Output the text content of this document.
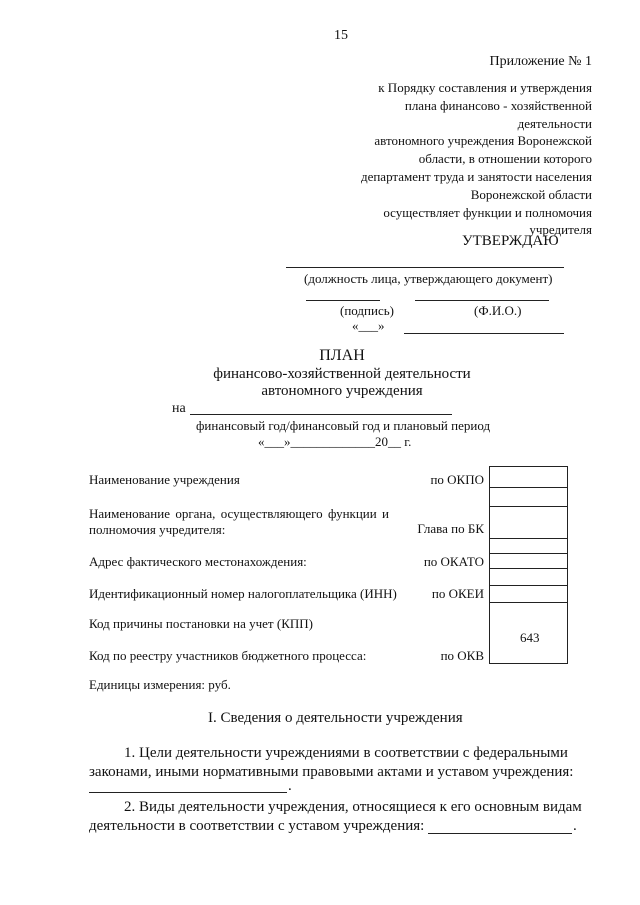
15
Приложение № 1
к Порядку составления и утверждения
плана финансово - хозяйственной
деятельности
автономного учреждения Воронежской
области, в отношении которого
департамент труда и занятости населения
Воронежской области
осуществляет функции и полномочия
учредителя
УТВЕРЖДАЮ
(должность лица, утверждающего документ)
(подпись)	(Ф.И.О.)
«___»
ПЛАН
финансово-хозяйственной деятельности
автономного учреждения
на
финансовый год/финансовый год и плановый период
«___»_____________20__ г.
Наименование учреждения
Наименование органа, осуществляющего функции и полномочия учредителя:
Адрес фактического местонахождения:
Идентификационный номер налогоплательщика (ИНН)
Код причины постановки на учет (КПП)
Код по реестру участников бюджетного процесса:
по ОКПО
Глава по БК
по ОКАТО
по ОКЕИ
по ОКВ
643
Единицы измерения: руб.
I. Сведения о деятельности учреждения
1. Цели деятельности учреждениями в соответствии с федеральными
законами, иными нормативными правовыми актами и уставом учреждения:
.
2. Виды деятельности учреждения, относящиеся к его основным видам
деятельности в соответствии с уставом учреждения:	.
